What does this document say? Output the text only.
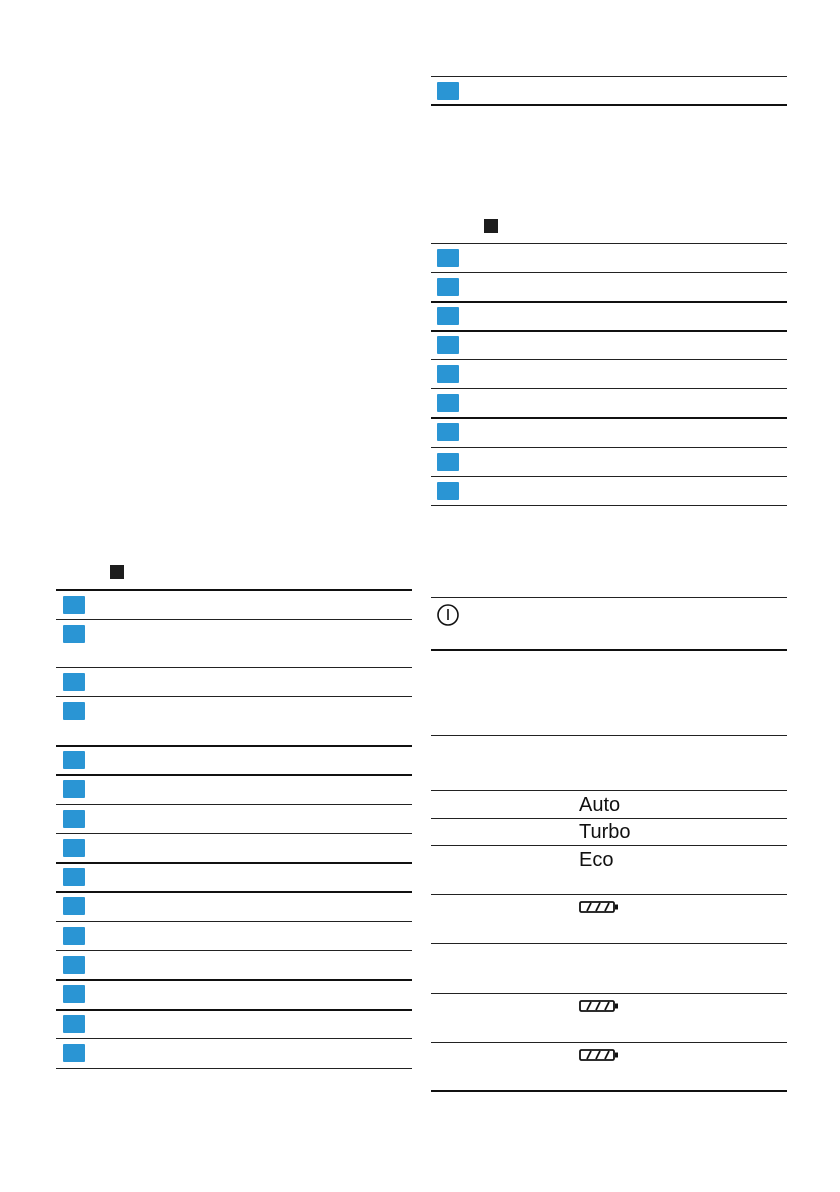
Auto
Turbo
Eco
